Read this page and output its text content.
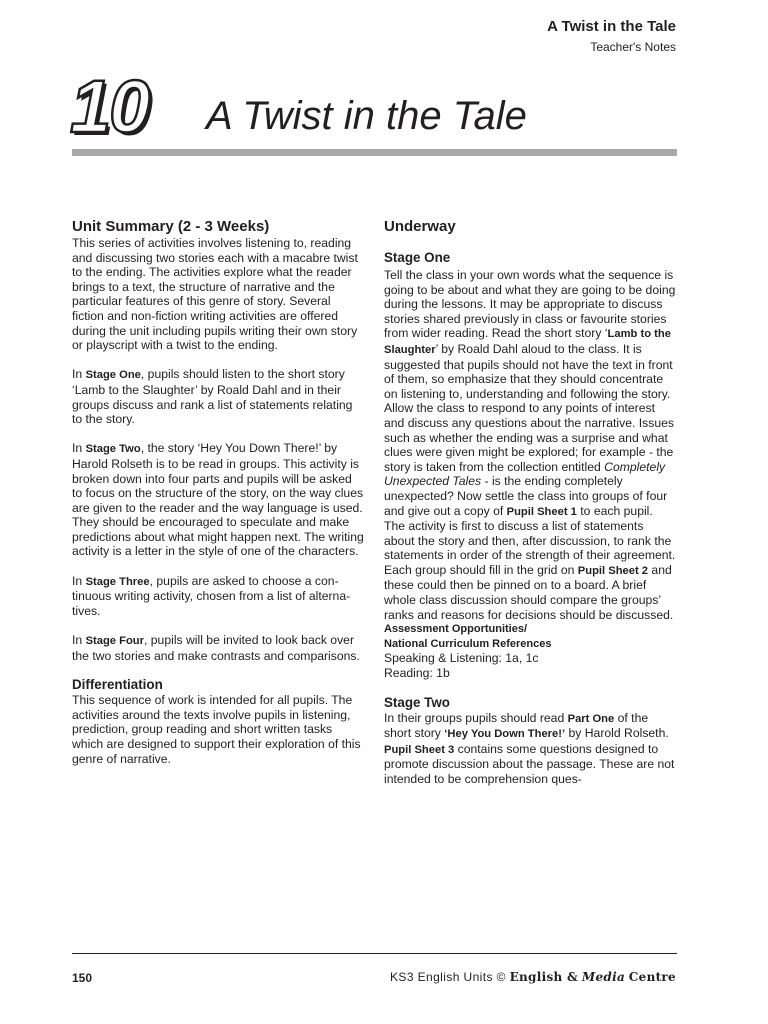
A Twist in the Tale
Teacher's Notes
10 A Twist in the Tale
Unit Summary (2 - 3 Weeks)

This series of activities involves listening to, reading and discussing two stories each with a macabre twist to the ending. The activities explore what the reader brings to a text, the structure of narrative and the particular features of this genre of story. Several fiction and non-fiction writing activities are offered during the unit including pupils writing their own story or playscript with a twist to the ending.

In Stage One, pupils should listen to the short story ‘Lamb to the Slaughter’ by Roald Dahl and in their groups discuss and rank a list of statements relating to the story.

In Stage Two, the story ‘Hey You Down There!’ by Harold Rolseth is to be read in groups. This activity is broken down into four parts and pupils will be asked to focus on the structure of the story, on the way clues are given to the reader and the way language is used. They should be encouraged to speculate and make predictions about what might happen next. The writing activity is a letter in the style of one of the characters.

In Stage Three, pupils are asked to choose a continuous writing activity, chosen from a list of alternatives.

In Stage Four, pupils will be invited to look back over the two stories and make contrasts and comparisons.

Differentiation

This sequence of work is intended for all pupils. The activities around the texts involve pupils in listening, prediction, group reading and short written tasks which are designed to support their exploration of this genre of narrative.

Underway
Stage One

Tell the class in your own words what the sequence is going to be about and what they are going to be doing during the lessons. It may be appropriate to discuss stories shared previously in class or favourite stories from wider reading. Read the short story ‘Lamb to the Slaughter’ by Roald Dahl aloud to the class. It is suggested that pupils should not have the text in front of them, so emphasize that they should concentrate on listening to, understanding and following the story. Allow the class to respond to any points of interest and discuss any questions about the narrative. Issues such as whether the ending was a surprise and what clues were given might be explored; for example - the story is taken from the collection entitled Completely Unexpected Tales - is the ending completely unexpected? Now settle the class into groups of four and give out a copy of Pupil Sheet 1 to each pupil. The activity is first to discuss a list of statements about the story and then, after discussion, to rank the statements in order of the strength of their agreement. Each group should fill in the grid on Pupil Sheet 2 and these could then be pinned on to a board. A brief whole class discussion should compare the groups’ ranks and reasons for decisions should be discussed.

Assessment Opportunities/
National Curriculum References

Speaking & Listening: 1a, 1c

Reading: 1b

Stage Two

In their groups pupils should read Part One of the short story ‘Hey You Down There!’ by Harold Rolseth. Pupil Sheet 3 contains some questions designed to promote discussion about the passage. These are not intended to be comprehension ques-

150	KS3 English Units © English & Media Centre
